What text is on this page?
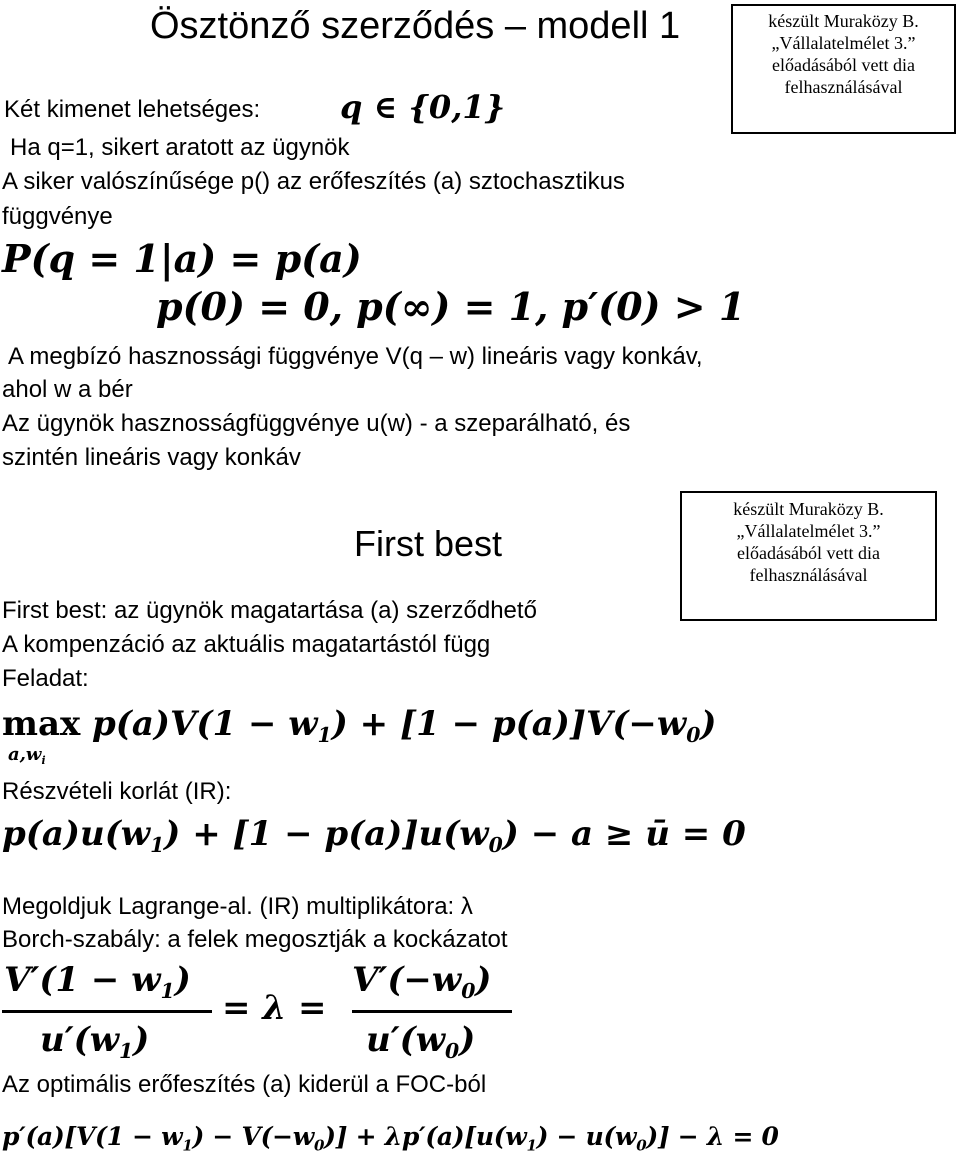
Ösztönző szerződés – modell 1	készült Muraközy B.
„Vállalatelmélet 3.”
előadásából vett dia
felhasználásával
Két kimenet lehetséges: q ∈ {0,1}
Ha q=1, sikert aratott az ügynök
A siker valószínűsége p() az erőfeszítés (a) sztochasztikus
függvénye
P(q = 1|a) = p(a)
p(0) = 0, p(∞) = 1, p′(0) > 1
A megbízó hasznossági függvénye V(q – w) lineáris vagy konkáv,
ahol w a bér
Az ügynök hasznosságfüggvénye u(w) - a szeparálható, és
szintén lineáris vagy konkáv
First best
készült Muraközy B.
„Vállalatelmélet 3.”
előadásából vett dia
felhasználásával
First best: az ügynök magatartása (a) szerződhető
A kompenzáció az aktuális magatartástól függ
Feladat:
max
$a,w_i$
$p(a)V(1 - w_1) + [1 - p(a)]V(-w_0)$
Részvételi korlát (IR):
$p(a)u(w_1) + [1 - p(a)]u(w_0) - a$ ≥ ū = 0
Megoldjuk Lagrange-al. (IR) multiplikátora: λ
Borch-szabály: a felek megosztják a kockázatot
$V'(1 - w_1)$
$u'(w_1)$
= λ =
$V'(-w_0)$
$u'(w_0)$
Az optimális erőfeszítés (a) kiderül a FOC-ból
$p'(a)[V(1 - w_1) - V(-w_0)] + \lambda p'(a)[u(w_1) - u(w_0)] - \lambda = 0$
